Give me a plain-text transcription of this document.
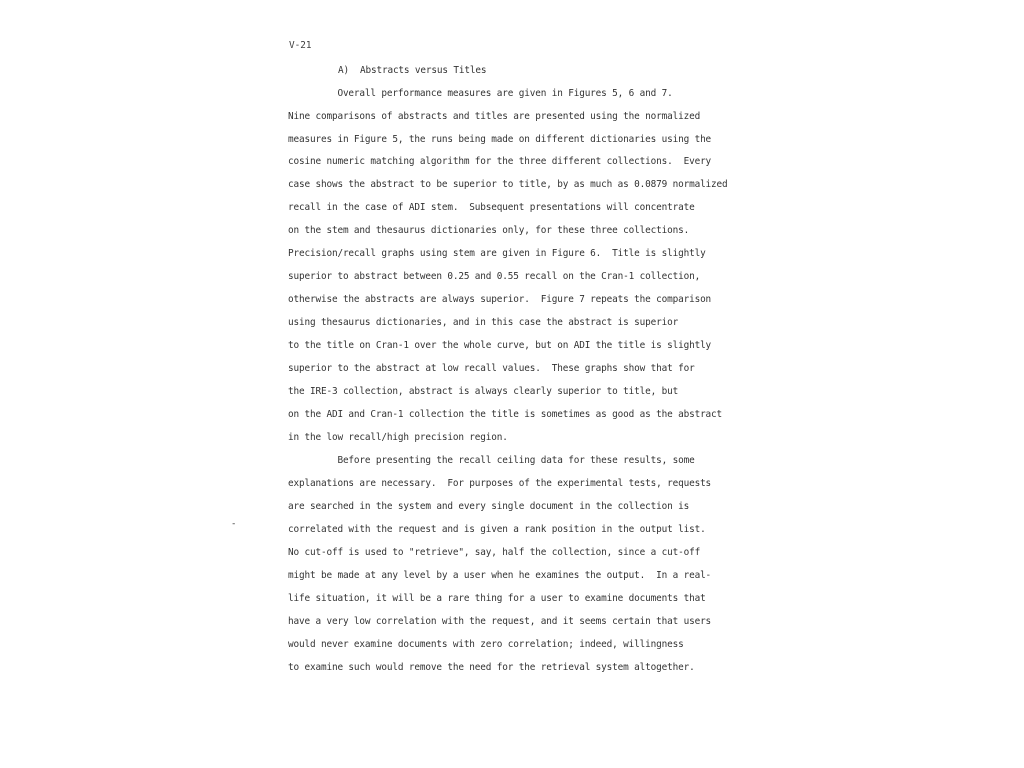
V-21
A)  Abstracts versus Titles
Overall performance measures are given in Figures 5, 6 and 7.
Nine comparisons of abstracts and titles are presented using the normalized
measures in Figure 5, the runs being made on different dictionaries using the
cosine numeric matching algorithm for the three different collections.  Every
case shows the abstract to be superior to title, by as much as 0.0879 normalized
recall in the case of ADI stem.  Subsequent presentations will concentrate
on the stem and thesaurus dictionaries only, for these three collections.
Precision/recall graphs using stem are given in Figure 6.  Title is slightly
superior to abstract between 0.25 and 0.55 recall on the Cran-1 collection,
otherwise the abstracts are always superior.  Figure 7 repeats the comparison
using thesaurus dictionaries, and in this case the abstract is superior
to the title on Cran-1 over the whole curve, but on ADI the title is slightly
superior to the abstract at low recall values.  These graphs show that for
the IRE-3 collection, abstract is always clearly superior to title, but
on the ADI and Cran-1 collection the title is sometimes as good as the abstract
in the low recall/high precision region.
Before presenting the recall ceiling data for these results, some
explanations are necessary.  For purposes of the experimental tests, requests
are searched in the system and every single document in the collection is
correlated with the request and is given a rank position in the output list.
No cut-off is used to "retrieve", say, half the collection, since a cut-off
might be made at any level by a user when he examines the output.  In a real-
life situation, it will be a rare thing for a user to examine documents that
have a very low correlation with the request, and it seems certain that users
would never examine documents with zero correlation; indeed, willingness
to examine such would remove the need for the retrieval system altogether.
-
